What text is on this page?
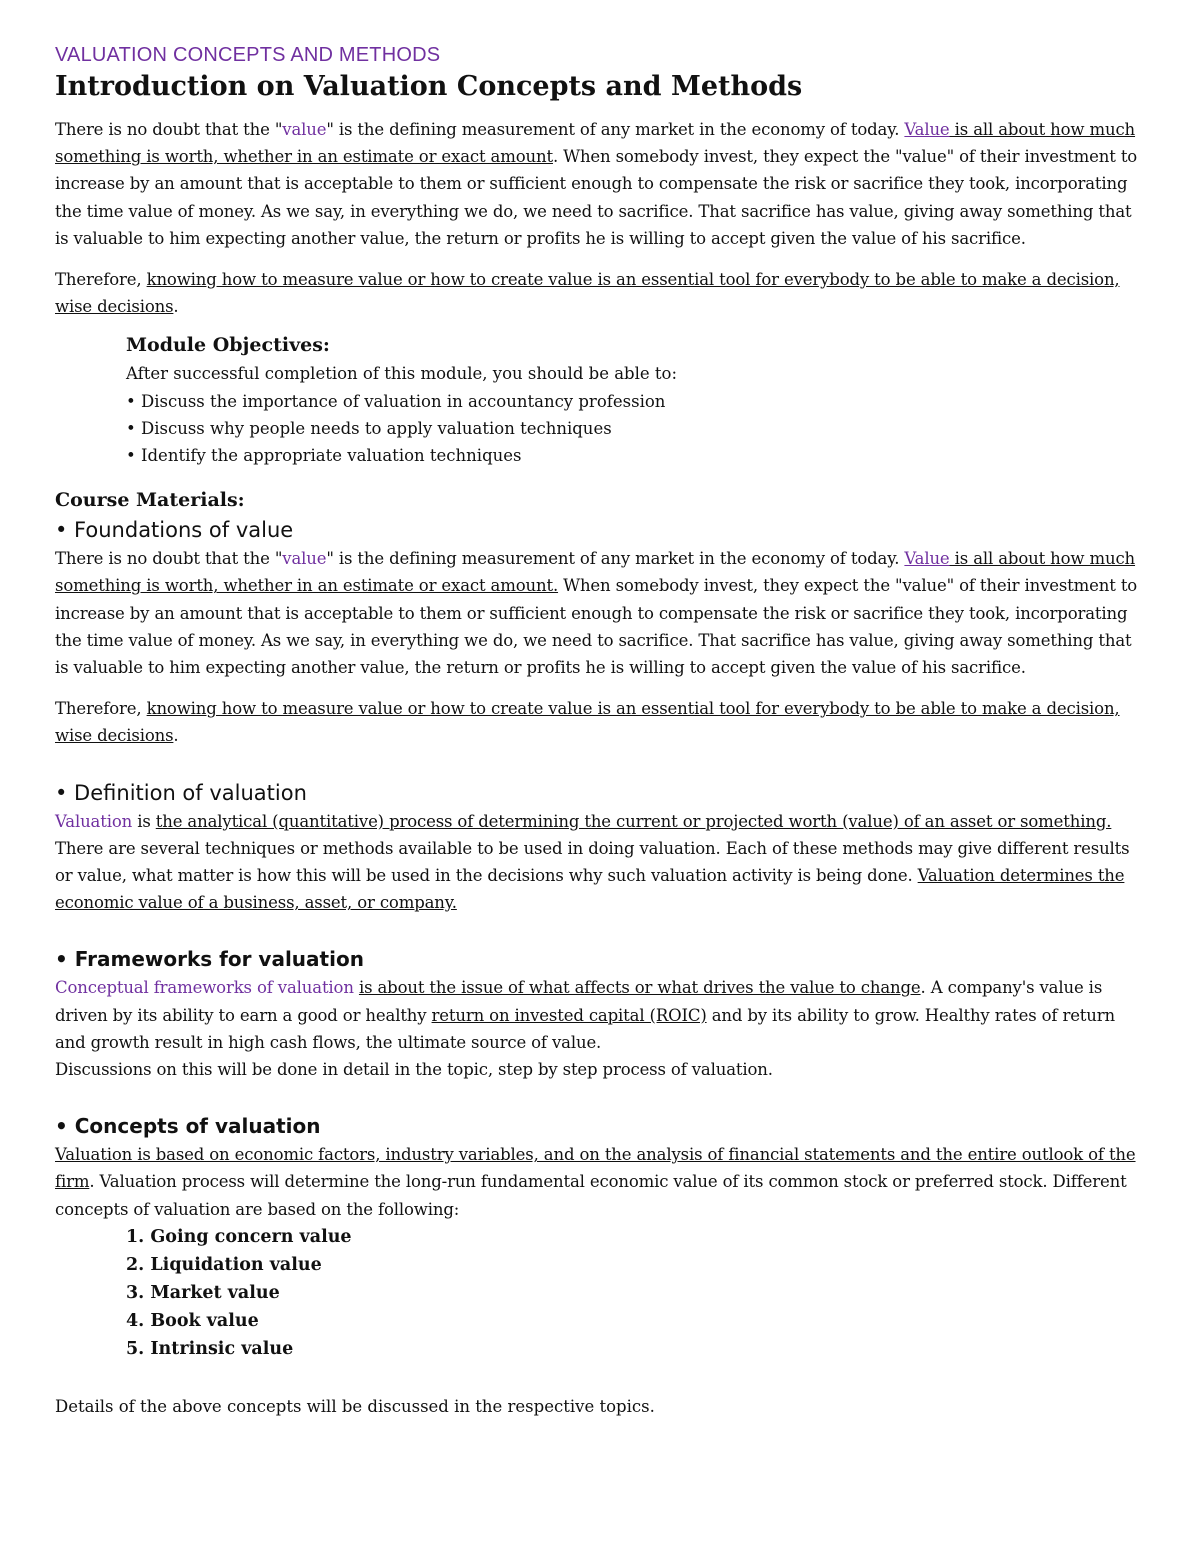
VALUATION CONCEPTS AND METHODS

Introduction on Valuation Concepts and Methods

There is no doubt that the "value" is the defining measurement of any market in the economy of today. Value is all about how much something is worth, whether in an estimate or exact amount. When somebody invest, they expect the "value" of their investment to increase by an amount that is acceptable to them or sufficient enough to compensate the risk or sacrifice they took, incorporating the time value of money. As we say, in everything we do, we need to sacrifice. That sacrifice has value, giving away something that is valuable to him expecting another value, the return or profits he is willing to accept given the value of his sacrifice.

Therefore, knowing how to measure value or how to create value is an essential tool for everybody to be able to make a decision, wise decisions.

Module Objectives:
After successful completion of this module, you should be able to:
• Discuss the importance of valuation in accountancy profession
• Discuss why people needs to apply valuation techniques
• Identify the appropriate valuation techniques

Course Materials:

• Foundations of value

There is no doubt that the "value" is the defining measurement of any market in the economy of today. Value is all about how much something is worth, whether in an estimate or exact amount. When somebody invest, they expect the "value" of their investment to increase by an amount that is acceptable to them or sufficient enough to compensate the risk or sacrifice they took, incorporating the time value of money. As we say, in everything we do, we need to sacrifice. That sacrifice has value, giving away something that is valuable to him expecting another value, the return or profits he is willing to accept given the value of his sacrifice.

Therefore, knowing how to measure value or how to create value is an essential tool for everybody to be able to make a decision, wise decisions.

• Definition of valuation

Valuation is the analytical (quantitative) process of determining the current or projected worth (value) of an asset or something. There are several techniques or methods available to be used in doing valuation. Each of these methods may give different results or value, what matter is how this will be used in the decisions why such valuation activity is being done. Valuation determines the economic value of a business, asset, or company.

• Frameworks for valuation

Conceptual frameworks of valuation is about the issue of what affects or what drives the value to change. A company's value is driven by its ability to earn a good or healthy return on invested capital (ROIC) and by its ability to grow. Healthy rates of return and growth result in high cash flows, the ultimate source of value.

Discussions on this will be done in detail in the topic, step by step process of valuation.

• Concepts of valuation

Valuation is based on economic factors, industry variables, and on the analysis of financial statements and the entire outlook of the firm. Valuation process will determine the long-run fundamental economic value of its common stock or preferred stock. Different concepts of valuation are based on the following:

1. Going concern value
2. Liquidation value
3. Market value
4. Book value
5. Intrinsic value

Details of the above concepts will be discussed in the respective topics.
